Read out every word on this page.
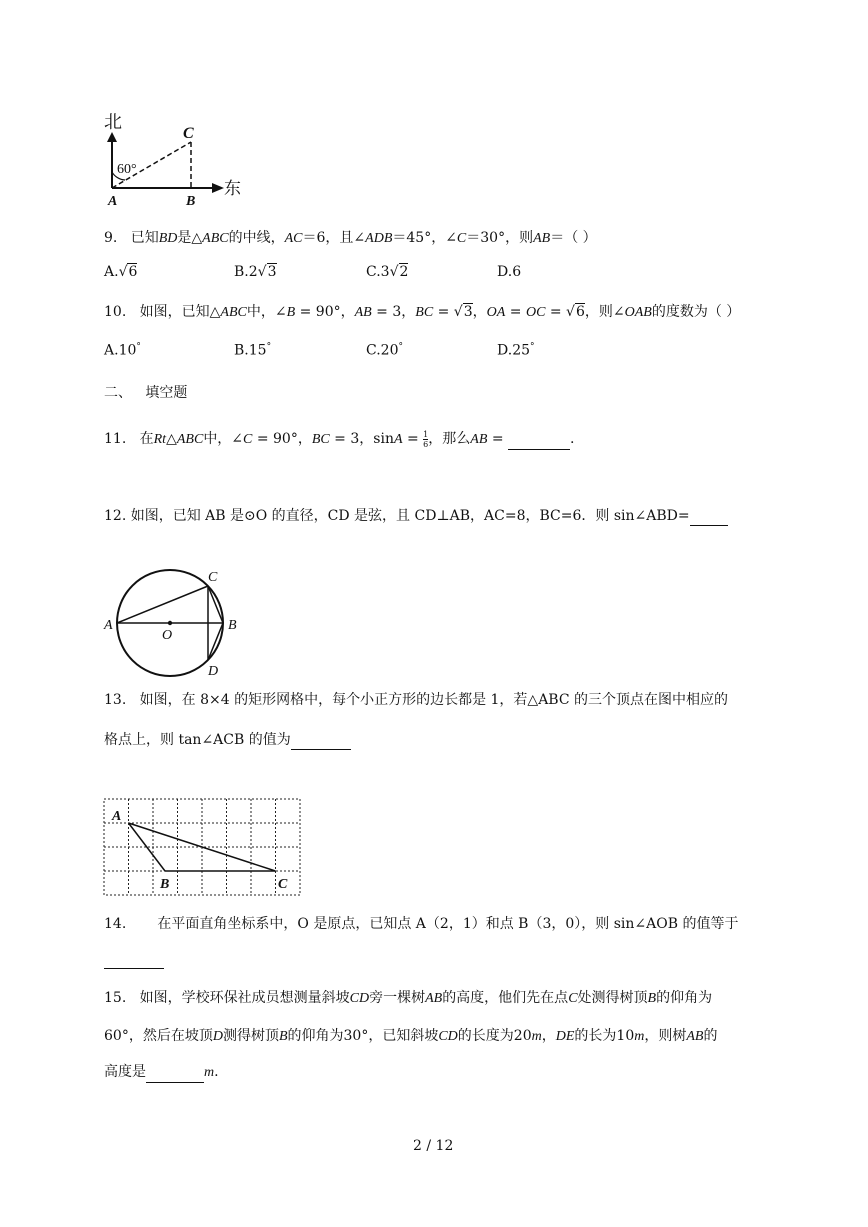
北
东
60°
C
A	B
9. 已知BD是△ABC的中线，AC＝6，且∠ADB＝45°，∠C＝30°，则AB＝（ ）
A.√6	B.2√3	C.3√2	D.6
10. 如图，已知△ABC中，∠B = 90°，AB = 3，BC = √3，OA = OC = √6，则∠OAB的度数为（ ）
A.10°	B.15°	C.20°	D.25°
二、 填空题
11. 在Rt△ABC中，∠C = 90°，BC = 3，$\sin A = \frac{1}{6}$ ，那么AB =	.
12. 如图，已知 AB 是⊙O 的直径，CD 是弦，且 CD⊥AB，AC=8，BC=6．则 sin∠ABD=
A	B
C
D
O
13. 如图，在 8×4 的矩形网格中，每个小正方形的边长都是 1，若△ABC 的三个顶点在图中相应的
格点上，则 tan∠ACB 的值为
A
B	C
14. 在平面直角坐标系中，O 是原点，已知点 A（2，1）和点 B（3，0），则 sin∠AOB 的值等于
15. 如图，学校环保社成员想测量斜坡CD旁一棵树AB的高度，他们先在点C处测得树顶B的仰角为
60°，然后在坡顶D测得树顶B的仰角为30°，已知斜坡CD的长度为20m，DE的长为10m，则树AB的
高度是	m.
2 / 12
